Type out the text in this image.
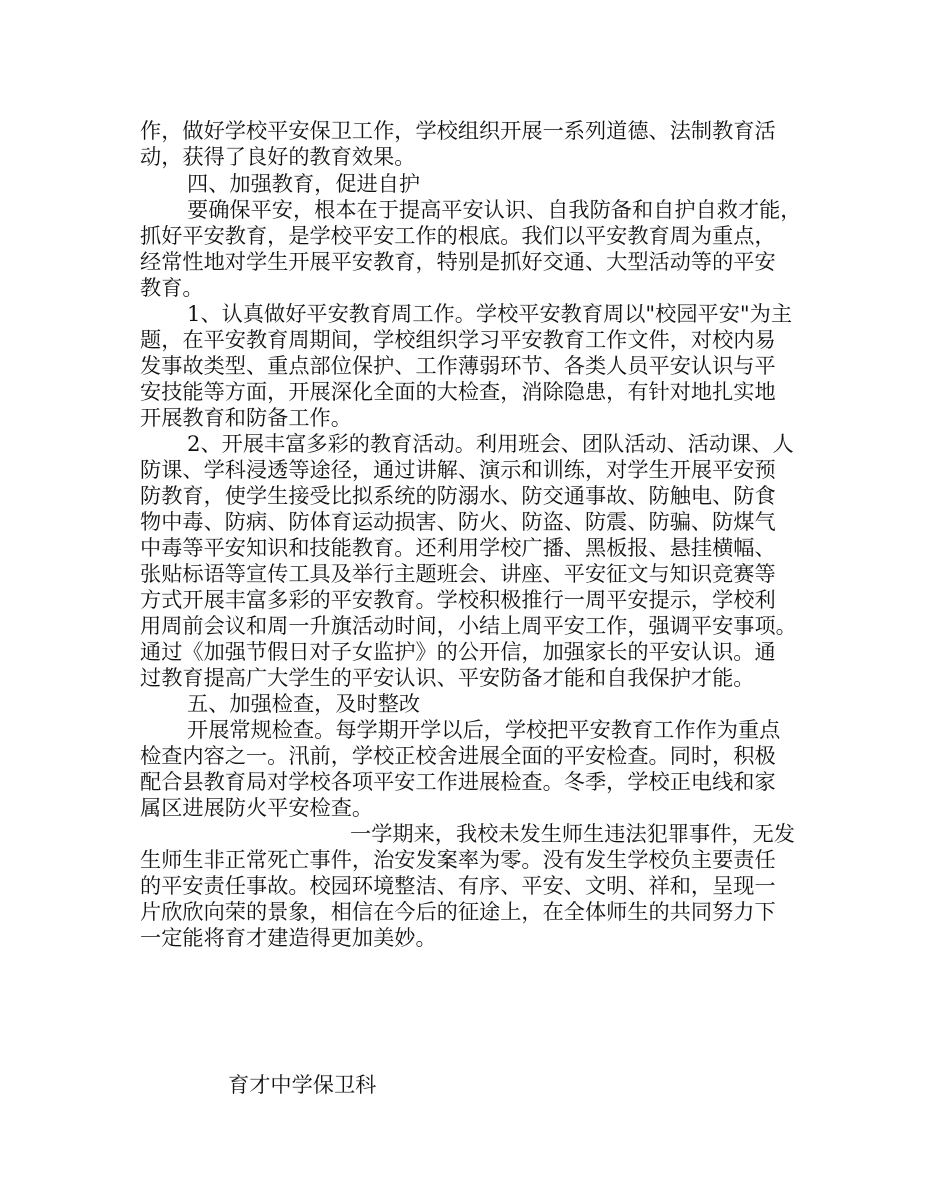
作，做好学校平安保卫工作，学校组织开展一系列道德、法制教育活
动，获得了良好的教育效果。
四、加强教育，促进自护
要确保平安，根本在于提高平安认识、自我防备和自护自救才能，
抓好平安教育，是学校平安工作的根底。我们以平安教育周为重点，
经常性地对学生开展平安教育，特别是抓好交通、大型活动等的平安
教育。
1、认真做好平安教育周工作。学校平安教育周以"校园平安"为主
题，在平安教育周期间，学校组织学习平安教育工作文件，对校内易
发事故类型、重点部位保护、工作薄弱环节、各类人员平安认识与平
安技能等方面，开展深化全面的大检查，消除隐患，有针对地扎实地
开展教育和防备工作。
2、开展丰富多彩的教育活动。利用班会、团队活动、活动课、人
防课、学科浸透等途径，通过讲解、演示和训练，对学生开展平安预
防教育，使学生接受比拟系统的防溺水、防交通事故、防触电、防食
物中毒、防病、防体育运动损害、防火、防盗、防震、防骗、防煤气
中毒等平安知识和技能教育。还利用学校广播、黑板报、悬挂横幅、
张贴标语等宣传工具及举行主题班会、讲座、平安征文与知识竞赛等
方式开展丰富多彩的平安教育。学校积极推行一周平安提示，学校利
用周前会议和周一升旗活动时间，小结上周平安工作，强调平安事项。
通过《加强节假日对子女监护》的公开信，加强家长的平安认识。通
过教育提高广大学生的平安认识、平安防备才能和自我保护才能。
五、加强检查，及时整改
开展常规检查。每学期开学以后，学校把平安教育工作作为重点
检查内容之一。汛前，学校正校舍进展全面的平安检查。同时，积极
配合县教育局对学校各项平安工作进展检查。冬季，学校正电线和家
属区进展防火平安检查。
一学期来，我校未发生师生违法犯罪事件，无发
生师生非正常死亡事件，治安发案率为零。没有发生学校负主要责任
的平安责任事故。校园环境整洁、有序、平安、文明、祥和，呈现一
片欣欣向荣的景象，相信在今后的征途上，在全体师生的共同努力下
一定能将育才建造得更加美妙。
育才中学保卫科
